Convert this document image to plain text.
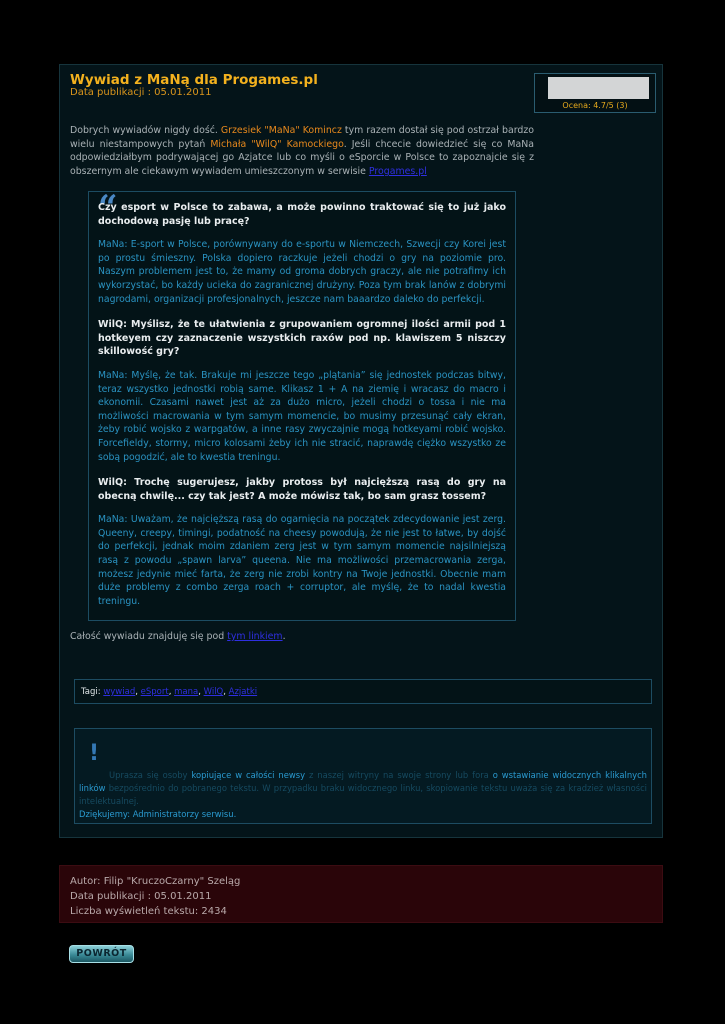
Wywiad z MaNą dla Progames.pl
Data publikacji : 05.01.2011
Ocena: 4.7/5 (3)

Dobrych wywiadów nigdy dość. Grzesiek "MaNa" Komincz tym razem dostał się pod ostrzał bardzo wielu niestampowych pytań Michała "WilQ" Kamockiego. Jeśli chcecie dowiedzieć się co MaNa odpowiedziałbym podrywającej go Azjatce lub co myśli o eSporcie w Polsce to zapoznajcie się z obszernym ale ciekawym wywiadem umieszczonym w serwisie Progames.pl

“

Czy esport w Polsce to zabawa, a może powinno traktować się to już jako dochodową pasję lub pracę?

MaNa: E-sport w Polsce, porównywany do e-sportu w Niemczech, Szwecji czy Korei jest po prostu śmieszny. Polska dopiero raczkuje jeżeli chodzi o gry na poziomie pro. Naszym problemem jest to, że mamy od groma dobrych graczy, ale nie potrafimy ich wykorzystać, bo każdy ucieka do zagranicznej drużyny. Poza tym brak lanów z dobrymi nagrodami, organizacji profesjonalnych, jeszcze nam baaardzo daleko do perfekcji.

WilQ: Myślisz, że te ułatwienia z grupowaniem ogromnej ilości armii pod 1 hotkeyem czy zaznaczenie wszystkich raxów pod np. klawiszem 5 niszczy skillowość gry?

MaNa: Myślę, że tak. Brakuje mi jeszcze tego „plątania” się jednostek podczas bitwy, teraz wszystko jednostki robią same. Klikasz 1 + A na ziemię i wracasz do macro i ekonomii. Czasami nawet jest aż za dużo micro, jeżeli chodzi o tossa i nie ma możliwości macrowania w tym samym momencie, bo musimy przesunąć cały ekran, żeby robić wojsko z warpgatów, a inne rasy zwyczajnie mogą hotkeyami robić wojsko. Forcefieldy, stormy, micro kolosami żeby ich nie stracić, naprawdę ciężko wszystko ze sobą pogodzić, ale to kwestia treningu.

WilQ: Trochę sugerujesz, jakby protoss był najcięższą rasą do gry na obecną chwilę... czy tak jest? A może mówisz tak, bo sam grasz tossem?

MaNa: Uważam, że najcięższą rasą do ogarnięcia na początek zdecydowanie jest zerg. Queeny, creepy, timingi, podatność na cheesy powodują, że nie jest to łatwe, by dojść do perfekcji, jednak moim zdaniem zerg jest w tym samym momencie najsilniejszą rasą z powodu „spawn larva” queena. Nie ma możliwości przemacrowania zerga, możesz jedynie mieć farta, że zerg nie zrobi kontry na Twoje jednostki. Obecnie mam duże problemy z combo zerga roach + corruptor, ale myślę, że to nadal kwestia treningu.

Całość wywiadu znajduję się pod tym linkiem.
Tagi: wywiad, eSport, mana, WilQ, Azjatki
!

Uprasza się osoby kopiujące w całości newsy z naszej witryny na swoje strony lub fora o wstawianie widocznych klikalnych linków bezpośrednio do pobranego tekstu. W przypadku braku widocznego linku, skopiowanie tekstu uważa się za kradzież własności intelektualnej.

Dziękujemy: Administratorzy serwisu.
Autor: Filip "KruczoCzarny" Szeląg
Data publikacji : 05.01.2011
Liczba wyświetleń tekstu: 2434
POWRÓT
